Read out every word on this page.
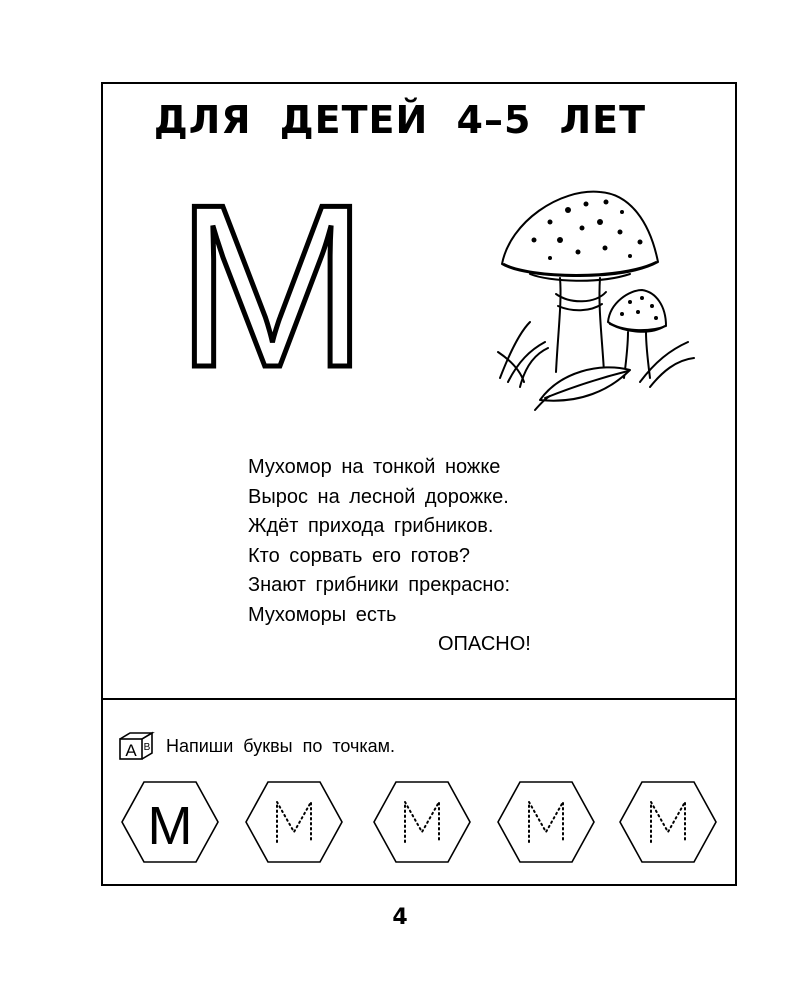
ДЛЯ ДЕТЕЙ 4–5 ЛЕТ
М
Мухомор на тонкой ножке
Вырос на лесной дорожке.
Ждёт прихода грибников.
Кто сорвать его готов?
Знают грибники прекрасно:
Мухоморы есть
ОПАСНО!
A B Напиши буквы по точкам.
М
4
